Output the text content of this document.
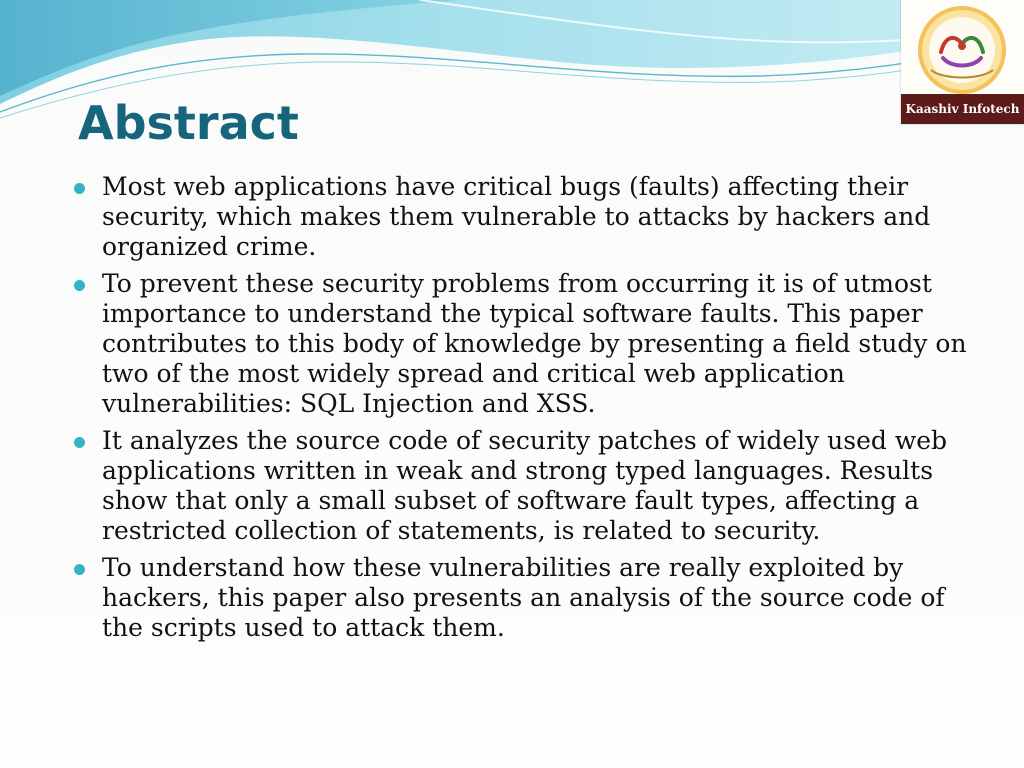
Abstract	Kaashiv Infotech
Most web applications have critical bugs (faults) affecting their security, which makes them vulnerable to attacks by hackers and organized crime.
To prevent these security problems from occurring it is of utmost importance to understand the typical software faults. This paper contributes to this body of knowledge by presenting a field study on two of the most widely spread and critical web application vulnerabilities: SQL Injection and XSS.
It analyzes the source code of security patches of widely used web applications written in weak and strong typed languages. Results show that only a small subset of software fault types, affecting a restricted collection of statements, is related to security.
To understand how these vulnerabilities are really exploited by hackers, this paper also presents an analysis of the source code of the scripts used to attack them.
